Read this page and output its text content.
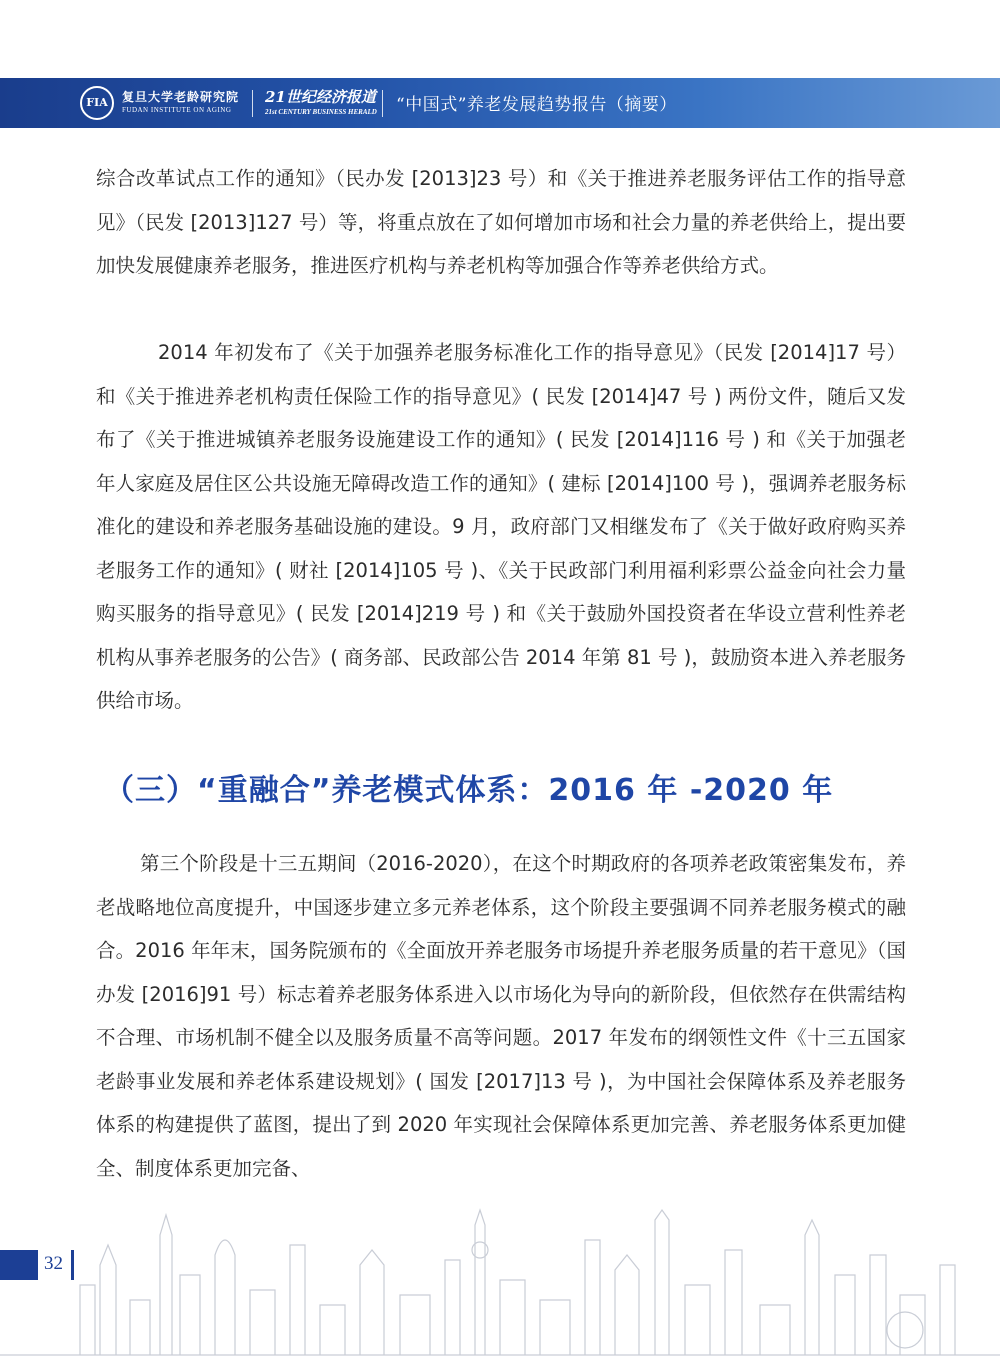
FIA	复旦大学老龄研究院
FUDAN INSTITUTE ON AGING
21世纪经济报道
21st CENTURY BUSINESS HERALD “中国式”养老发展趋势报告（摘要）

综合改革试点工作的通知》（民办发 [2013]23 号）和《关于推进养老服务评估工作的指导意见》（民发 [2013]127 号）等，将重点放在了如何增加市场和社会力量的养老供给上，提出要加快发展健康养老服务，推进医疗机构与养老机构等加强合作等养老供给方式。

2014 年初发布了《关于加强养老服务标准化工作的指导意见》（民发 [2014]17 号）和《关于推进养老机构责任保险工作的指导意见》( 民发 [2014]47 号 ) 两份文件，随后又发布了《关于推进城镇养老服务设施建设工作的通知》( 民发 [2014]116 号 ) 和《关于加强老年人家庭及居住区公共设施无障碍改造工作的通知》( 建标 [2014]100 号 )，强调养老服务标准化的建设和养老服务基础设施的建设。9 月，政府部门又相继发布了《关于做好政府购买养老服务工作的通知》( 财社 [2014]105 号 )、《关于民政部门利用福利彩票公益金向社会力量购买服务的指导意见》( 民发 [2014]219 号 ) 和《关于鼓励外国投资者在华设立营利性养老机构从事养老服务的公告》( 商务部、民政部公告 2014 年第 81 号 )，鼓励资本进入养老服务供给市场。

（三）“重融合”养老模式体系：2016 年 -2020 年

第三个阶段是十三五期间（2016-2020），在这个时期政府的各项养老政策密集发布，养老战略地位高度提升，中国逐步建立多元养老体系，这个阶段主要强调不同养老服务模式的融合。2016 年年末，国务院颁布的《全面放开养老服务市场提升养老服务质量的若干意见》（国办发 [2016]91 号）标志着养老服务体系进入以市场化为导向的新阶段，但依然存在供需结构不合理、市场机制不健全以及服务质量不高等问题。2017 年发布的纲领性文件《十三五国家老龄事业发展和养老体系建设规划》( 国发 [2017]13 号 )，为中国社会保障体系及养老服务体系的构建提供了蓝图，提出了到 2020 年实现社会保障体系更加完善、养老服务体系更加健全、制度体系更加完备、

32
